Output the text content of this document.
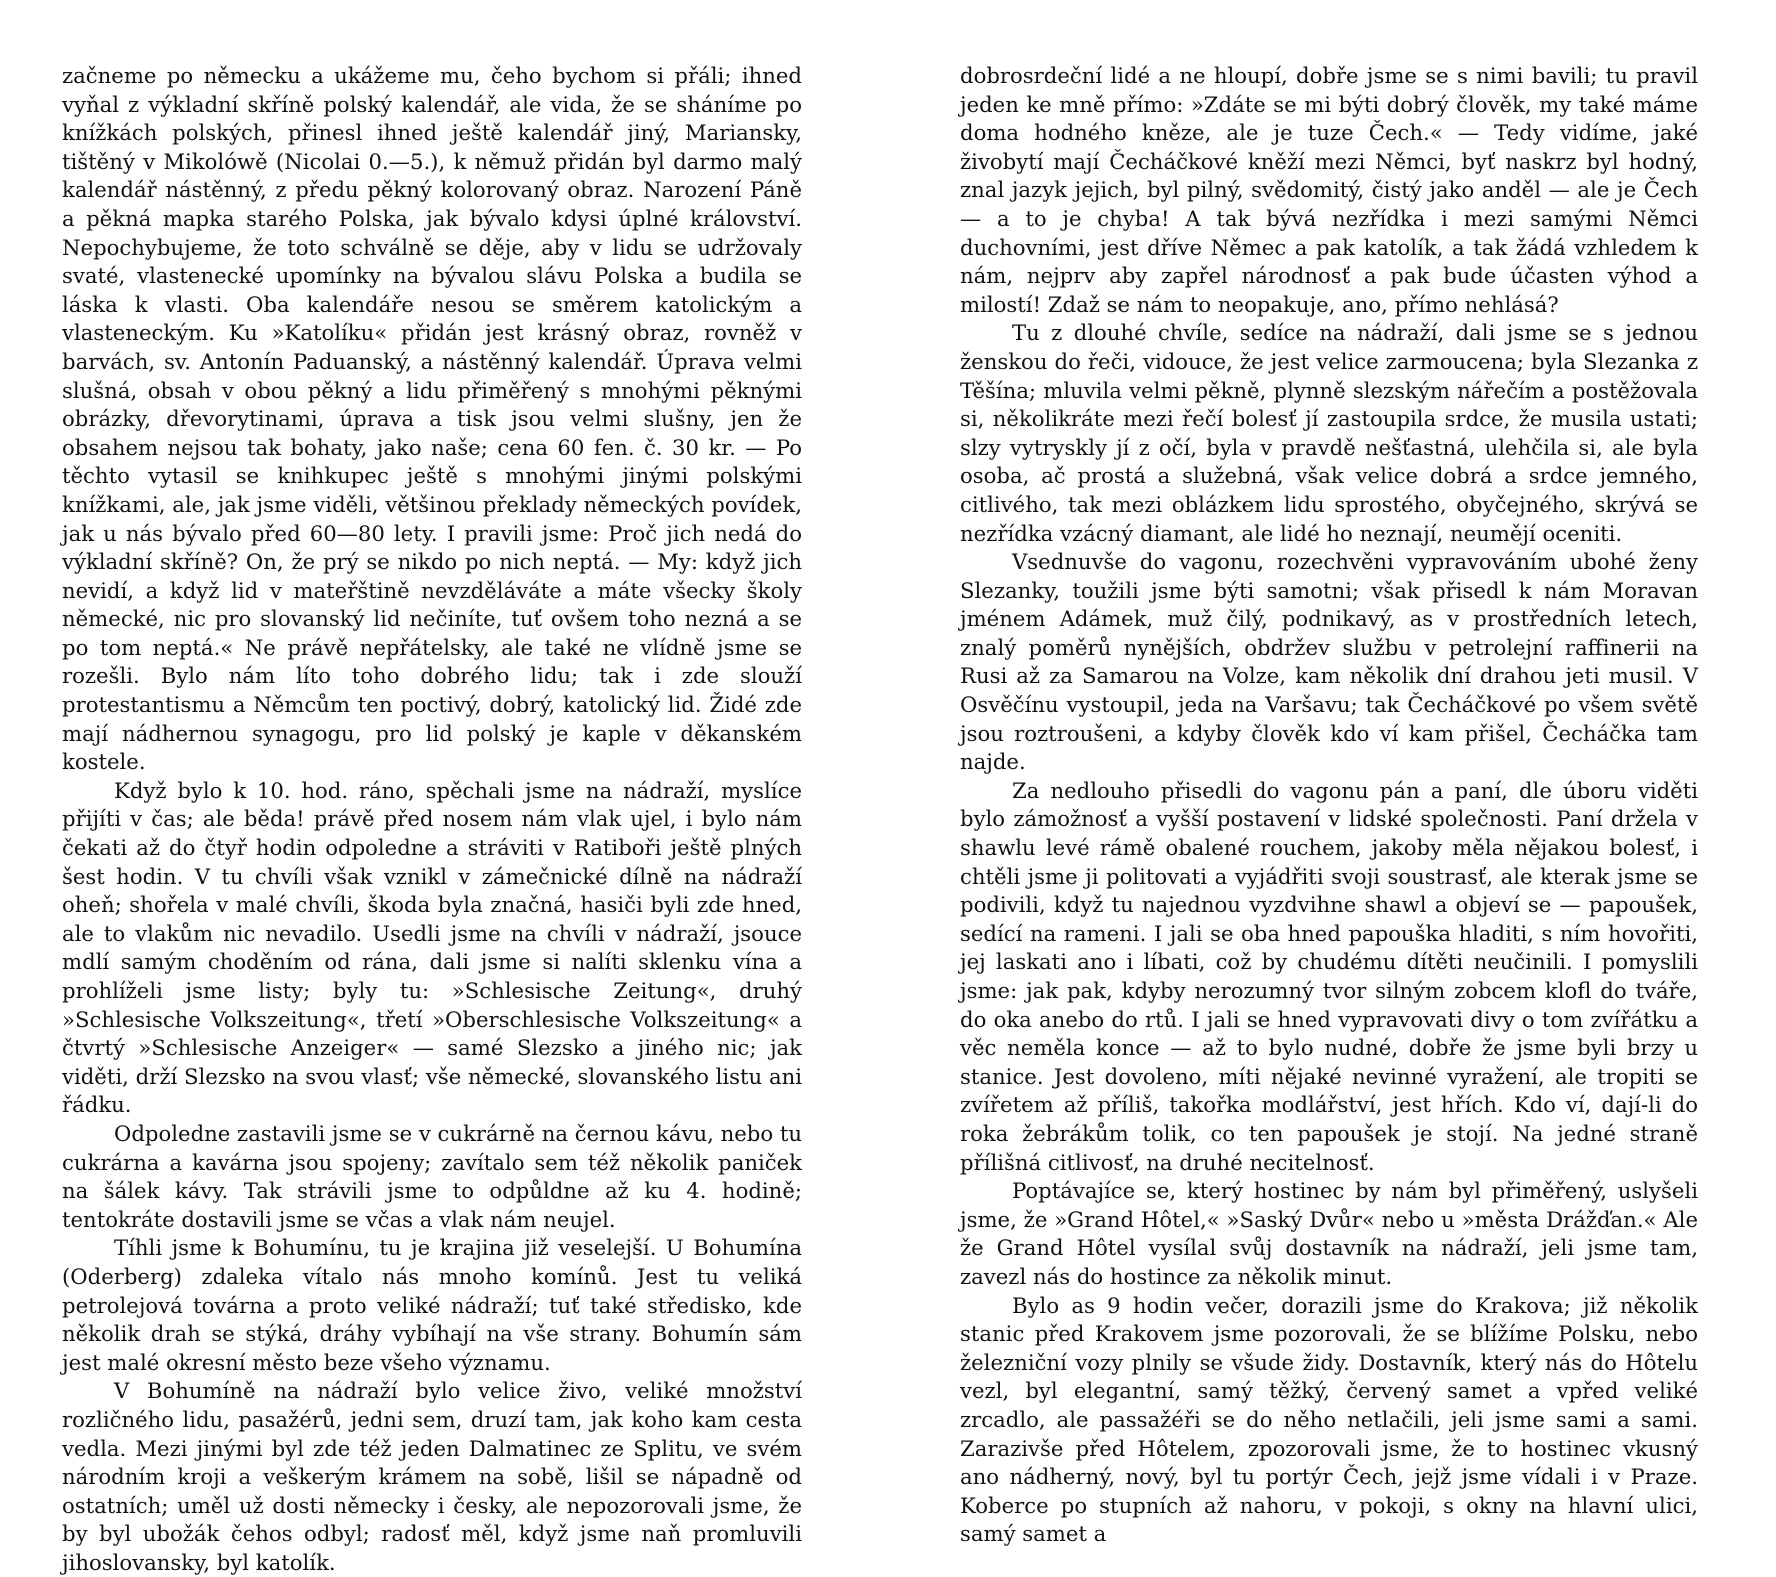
začneme po německu a ukážeme mu, čeho bychom si přáli; ihned vyňal z výkladní skříně polský kalendář, ale vida, že se sháníme po knížkách polských, přinesl ihned ještě kalendář jiný, Mariansky, tištěný v Mikolówě (Nicolai 0.—5.), k němuž přidán byl darmo malý kalendář nástěnný, z předu pěkný kolorovaný obraz. Narození Páně a pěkná mapka starého Polska, jak bývalo kdysi úplné království. Nepochybujeme, že toto schválně se děje, aby v lidu se udržovaly svaté, vlastenecké upomínky na bývalou slávu Polska a budila se láska k vlasti. Oba kalendáře nesou se směrem katolickým a vlasteneckým. Ku »Katolíku« přidán jest krásný obraz, rovněž v barvách, sv. Antonín Paduanský, a nástěnný kalendář. Úprava velmi slušná, obsah v obou pěkný a lidu přiměřený s mnohými pěknými obrázky, dřevorytinami, úprava a tisk jsou velmi slušny, jen že obsahem nejsou tak bohaty, jako naše; cena 60 fen. č. 30 kr. — Po těchto vytasil se knihkupec ještě s mnohými jinými polskými knížkami, ale, jak jsme viděli, většinou překlady německých povídek, jak u nás bývalo před 60—80 lety. I pravili jsme: Proč jich nedá do výkladní skříně? On, že prý se nikdo po nich neptá. — My: když jich nevidí, a když lid v mateřštině nevzděláváte a máte všecky školy německé, nic pro slovanský lid nečiníte, tuť ovšem toho nezná a se po tom neptá.« Ne právě nepřátelsky, ale také ne vlídně jsme se rozešli. Bylo nám líto toho dobrého lidu; tak i zde slouží protestantismu a Němcům ten poctivý, dobrý, katolický lid. Židé zde mají nádhernou synagogu, pro lid polský je kaple v děkanském kostele.

Když bylo k 10. hod. ráno, spěchali jsme na nádraží, myslíce přijíti v čas; ale běda! právě před nosem nám vlak ujel, i bylo nám čekati až do čtyř hodin odpoledne a stráviti v Ratiboři ještě plných šest hodin. V tu chvíli však vznikl v zámečnické dílně na nádraží oheň; shořela v malé chvíli, škoda byla značná, hasiči byli zde hned, ale to vlakům nic nevadilo. Usedli jsme na chvíli v nádraží, jsouce mdlí samým choděním od rána, dali jsme si nalíti sklenku vína a prohlíželi jsme listy; byly tu: »Schlesische Zeitung«, druhý »Schlesische Volkszeitung«, třetí »Oberschlesische Volkszeitung« a čtvrtý »Schlesische Anzeiger« — samé Slezsko a jiného nic; jak viděti, drží Slezsko na svou vlasť; vše německé, slovanského listu ani řádku.

Odpoledne zastavili jsme se v cukrárně na černou kávu, nebo tu cukrárna a kavárna jsou spojeny; zavítalo sem též několik paniček na šálek kávy. Tak strávili jsme to odpůldne až ku 4. hodině; tentokráte dostavili jsme se včas a vlak nám neujel.

Tíhli jsme k Bohumínu, tu je krajina již veselejší. U Bohumína (Oderberg) zdaleka vítalo nás mnoho komínů. Jest tu veliká petrolejová továrna a proto veliké nádraží; tuť také středisko, kde několik drah se stýká, dráhy vybíhají na vše strany. Bohumín sám jest malé okresní město beze všeho významu.

V Bohumíně na nádraží bylo velice živo, veliké množství rozličného lidu, pasažérů, jedni sem, druzí tam, jak koho kam cesta vedla. Mezi jinými byl zde též jeden Dalmatinec ze Splitu, ve svém národním kroji a veškerým krámem na sobě, lišil se nápadně od ostatních; uměl už dosti německy i česky, ale nepozorovali jsme, že by byl ubožák čehos odbyl; radosť měl, když jsme naň promluvili jihoslovansky, byl katolík.

dobrosrdeční lidé a ne hloupí, dobře jsme se s nimi bavili; tu pravil jeden ke mně přímo: »Zdáte se mi býti dobrý člověk, my také máme doma hodného kněze, ale je tuze Čech.« — Tedy vidíme, jaké živobytí mají Čecháčkové kněží mezi Němci, byť naskrz byl hodný, znal jazyk jejich, byl pilný, svědomitý, čistý jako anděl — ale je Čech — a to je chyba! A tak bývá nezřídka i mezi samými Němci duchovními, jest dříve Němec a pak katolík, a tak žádá vzhledem k nám, nejprv aby zapřel národnosť a pak bude účasten výhod a milostí! Zdaž se nám to neopakuje, ano, přímo nehlásá?

Tu z dlouhé chvíle, sedíce na nádraží, dali jsme se s jednou ženskou do řeči, vidouce, že jest velice zarmoucena; byla Slezanka z Těšína; mluvila velmi pěkně, plynně slezským nářečím a postěžovala si, několikráte mezi řečí bolesť jí zastoupila srdce, že musila ustati; slzy vytryskly jí z očí, byla v pravdě nešťastná, ulehčila si, ale byla osoba, ač prostá a služebná, však velice dobrá a srdce jemného, citlivého, tak mezi oblázkem lidu sprostého, obyčejného, skrývá se nezřídka vzácný diamant, ale lidé ho neznají, neumějí oceniti.

Vsednuvše do vagonu, rozechvěni vypravováním ubohé ženy Slezanky, toužili jsme býti samotni; však přisedl k nám Moravan jménem Adámek, muž čilý, podnikavý, as v prostředních letech, znalý poměrů nynějších, obdržev službu v petrolejní raffinerii na Rusi až za Samarou na Volze, kam několik dní drahou jeti musil. V Osvěčínu vystoupil, jeda na Varšavu; tak Čecháčkové po všem světě jsou roztroušeni, a kdyby člověk kdo ví kam přišel, Čecháčka tam najde.

Za nedlouho přisedli do vagonu pán a paní, dle úboru viděti bylo zámožnosť a vyšší postavení v lidské společnosti. Paní držela v shawlu levé rámě obalené rouchem, jakoby měla nějakou bolesť, i chtěli jsme ji politovati a vyjádřiti svoji soustrasť, ale kterak jsme se podivili, když tu najednou vyzdvihne shawl a objeví se — papoušek, sedící na rameni. I jali se oba hned papouška hladiti, s ním hovořiti, jej laskati ano i líbati, což by chudému dítěti neučinili. I pomyslili jsme: jak pak, kdyby nerozumný tvor silným zobcem klofl do tváře, do oka anebo do rtů. I jali se hned vypravovati divy o tom zvířátku a věc neměla konce — až to bylo nudné, dobře že jsme byli brzy u stanice. Jest dovoleno, míti nějaké nevinné vyražení, ale tropiti se zvířetem až příliš, takořka modlářství, jest hřích. Kdo ví, dají-li do roka žebrákům tolik, co ten papoušek je stojí. Na jedné straně přílišná citlivosť, na druhé necitelnosť.

Poptávajíce se, který hostinec by nám byl přiměřený, uslyšeli jsme, že »Grand Hôtel,« »Saský Dvůr« nebo u »města Drážďan.« Ale že Grand Hôtel vysílal svůj dostavník na nádraží, jeli jsme tam, zavezl nás do hostince za několik minut.

Bylo as 9 hodin večer, dorazili jsme do Krakova; již několik stanic před Krakovem jsme pozorovali, že se blížíme Polsku, nebo železniční vozy plnily se všude židy. Dostavník, který nás do Hôtelu vezl, byl elegantní, samý těžký, červený samet a vpřed veliké zrcadlo, ale passažéři se do něho netlačili, jeli jsme sami a sami. Zarazivše před Hôtelem, zpozorovali jsme, že to hostinec vkusný ano nádherný, nový, byl tu portýr Čech, jejž jsme vídali i v Praze. Koberce po stupních až nahoru, v pokoji, s okny na hlavní ulici, samý samet a
